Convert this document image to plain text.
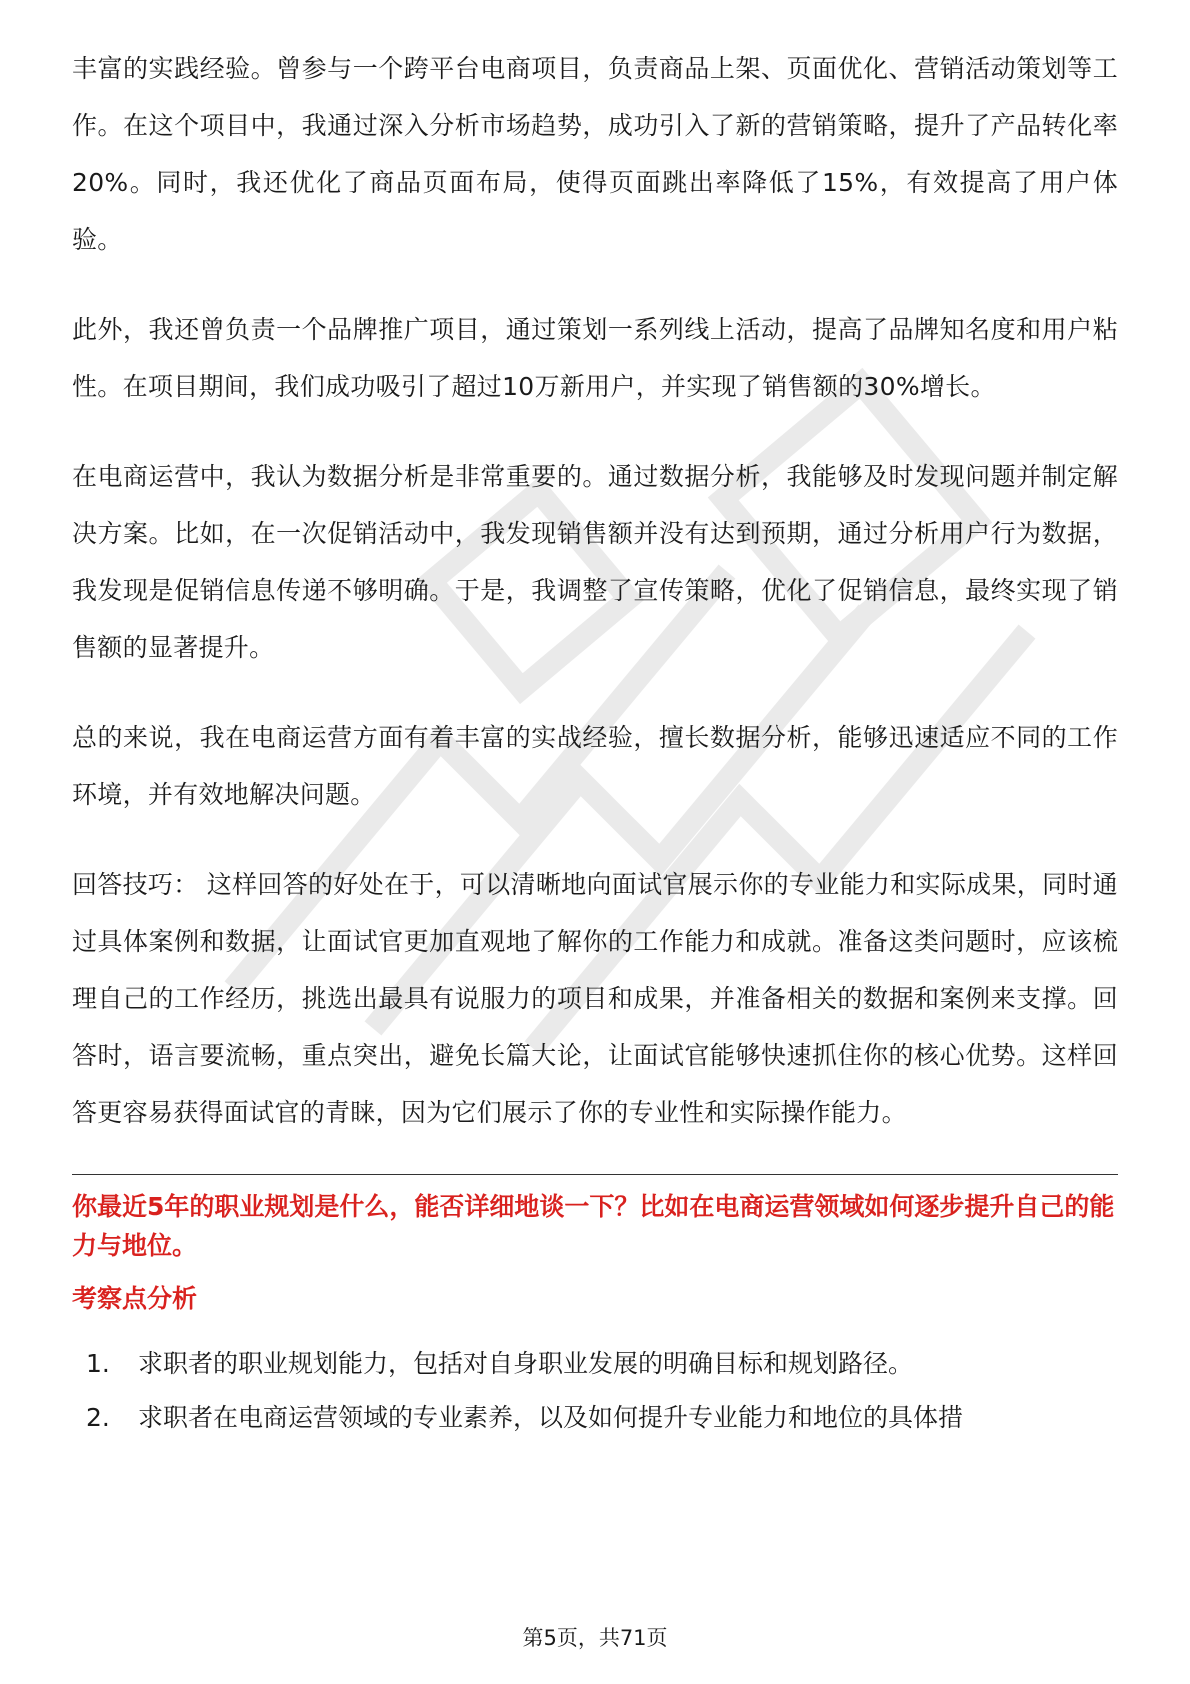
丰富的实践经验。曾参与一个跨平台电商项目，负责商品上架、页面优化、营销活动策划等工作。在这个项目中，我通过深入分析市场趋势，成功引入了新的营销策略，提升了产品转化率20%。同时，我还优化了商品页面布局，使得页面跳出率降低了15%，有效提高了用户体验。

此外，我还曾负责一个品牌推广项目，通过策划一系列线上活动，提高了品牌知名度和用户粘性。在项目期间，我们成功吸引了超过10万新用户，并实现了销售额的30%增长。

在电商运营中，我认为数据分析是非常重要的。通过数据分析，我能够及时发现问题并制定解决方案。比如，在一次促销活动中，我发现销售额并没有达到预期，通过分析用户行为数据，我发现是促销信息传递不够明确。于是，我调整了宣传策略，优化了促销信息，最终实现了销售额的显著提升。

总的来说，我在电商运营方面有着丰富的实战经验，擅长数据分析，能够迅速适应不同的工作环境，并有效地解决问题。

回答技巧： 这样回答的好处在于，可以清晰地向面试官展示你的专业能力和实际成果，同时通过具体案例和数据，让面试官更加直观地了解你的工作能力和成就。准备这类问题时，应该梳理自己的工作经历，挑选出最具有说服力的项目和成果，并准备相关的数据和案例来支撑。回答时，语言要流畅，重点突出，避免长篇大论，让面试官能够快速抓住你的核心优势。这样回答更容易获得面试官的青睐，因为它们展示了你的专业性和实际操作能力。

你最近5年的职业规划是什么，能否详细地谈一下？比如在电商运营领域如何逐步提升自己的能力与地位。
考察点分析
1.	求职者的职业规划能力，包括对自身职业发展的明确目标和规划路径。
2.	求职者在电商运营领域的专业素养，以及如何提升专业能力和地位的具体措
第5页，共71页
